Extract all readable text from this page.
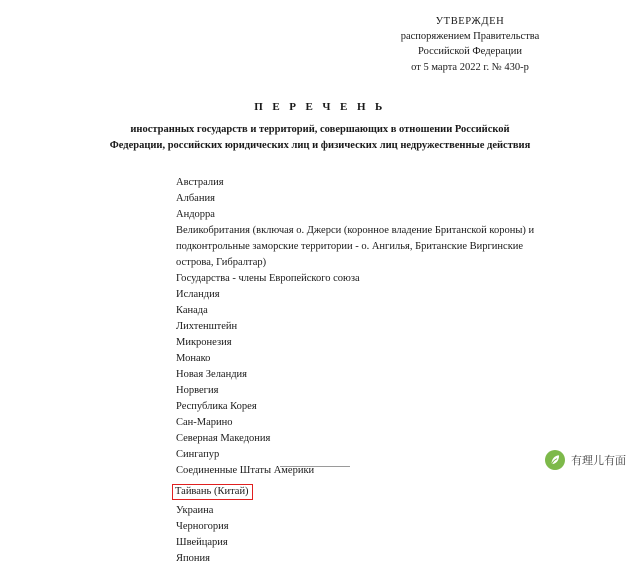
УТВЕРЖДЕН
распоряжением Правительства
Российской Федерации
от 5 марта 2022 г. № 430-р
П Е Р Е Ч Е Н Ь
иностранных государств и территорий, совершающих в отношении Российской Федерации, российских юридических лиц и физических лиц недружественные действия
Австралия
Албания
Андорра
Великобритания (включая о. Джерси (коронное владение Британской короны) и подконтрольные заморские территории - о. Ангилья, Британские Виргинские острова, Гибралтар)
Государства - члены Европейского союза
Исландия
Канада
Лихтенштейн
Микронезия
Монако
Новая Зеландия
Норвегия
Республика Корея
Сан-Марино
Северная Македония
Сингапур
Соединенные Штаты Америки
Тайвань (Китай)
Украина
Черногория
Швейцария
Япония
有理儿有面
